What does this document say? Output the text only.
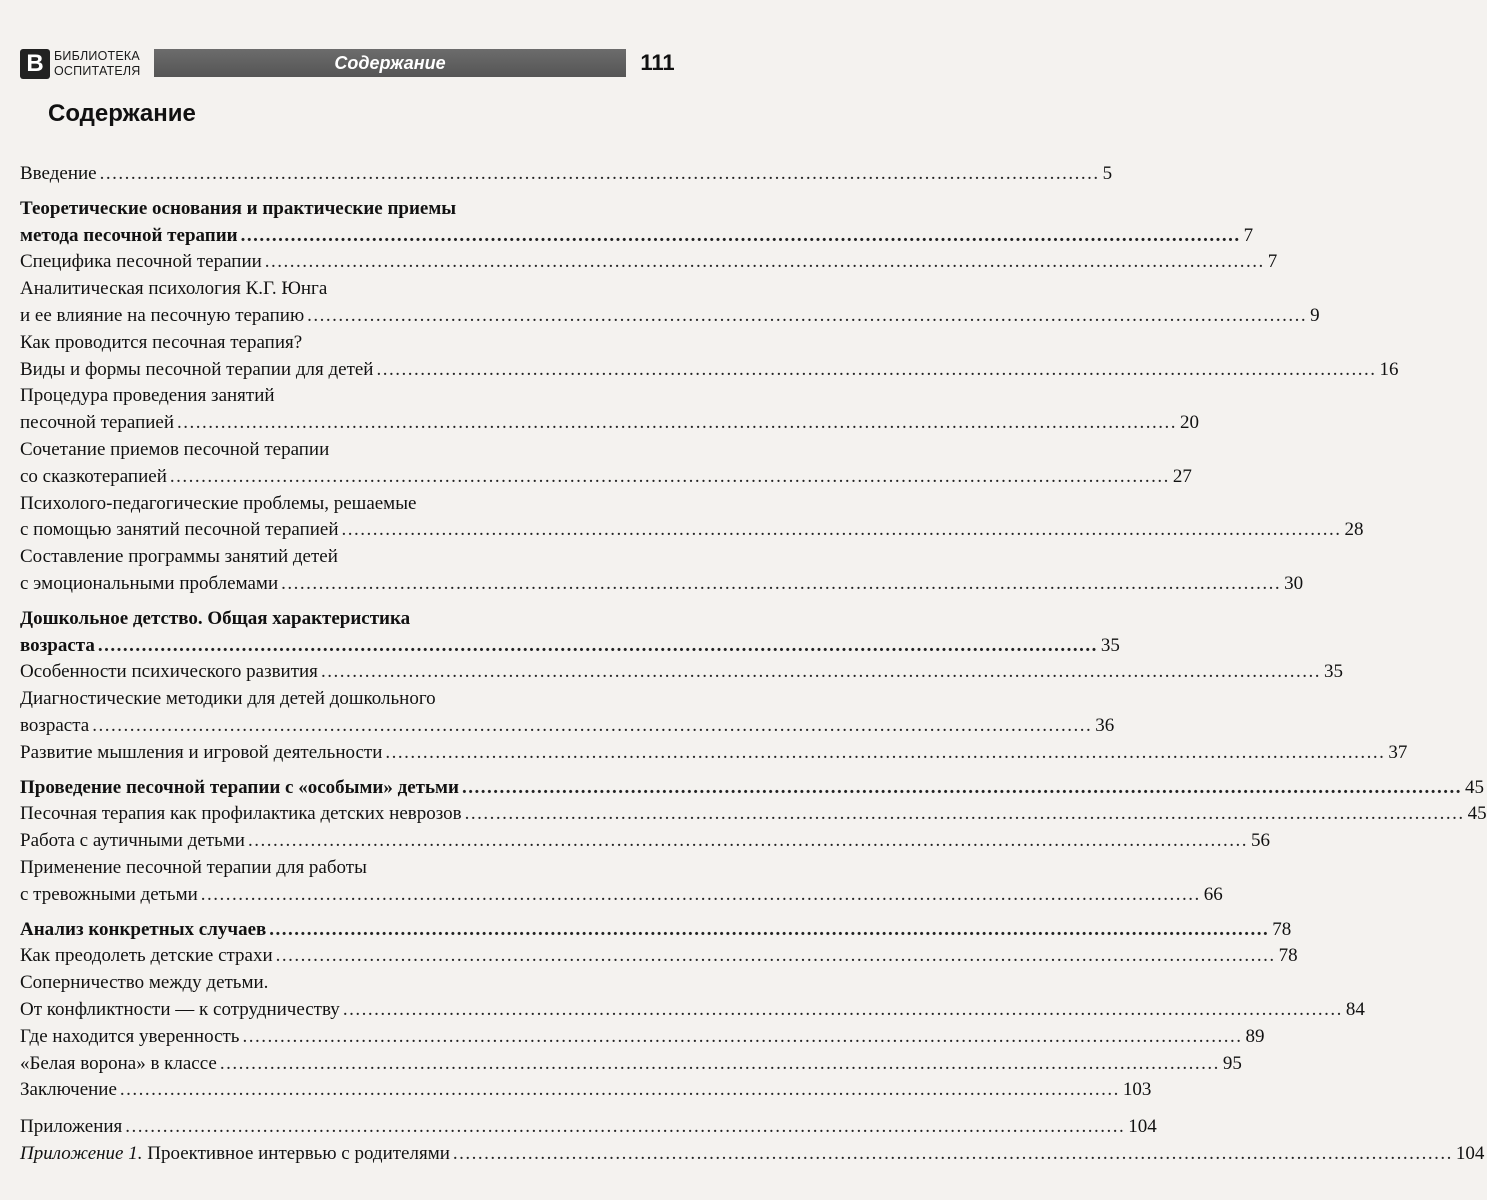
В БИБЛИОТЕКА
ОСПИТАТЕЛЯ	Содержание	111
Содержание
Введение ................................................................................................................................................................ 5
Теоретические основания и практические приемы
метода песочной терапии ................................................................................................................................................................ 7
Специфика песочной терапии ................................................................................................................................................................ 7
Аналитическая психология К.Г. Юнга
и ее влияние на песочную терапию ................................................................................................................................................................ 9
Как проводится песочная терапия?
Виды и формы песочной терапии для детей ................................................................................................................................................................ 16
Процедура проведения занятий
песочной терапией ................................................................................................................................................................ 20
Сочетание приемов песочной терапии
со сказкотерапией ................................................................................................................................................................ 27
Психолого-педагогические проблемы, решаемые
с помощью занятий песочной терапией ................................................................................................................................................................ 28
Составление программы занятий детей
с эмоциональными проблемами ................................................................................................................................................................ 30
Дошкольное детство. Общая характеристика
возраста ................................................................................................................................................................ 35
Особенности психического развития ................................................................................................................................................................ 35
Диагностические методики для детей дошкольного
возраста ................................................................................................................................................................ 36
Развитие мышления и игровой деятельности ................................................................................................................................................................ 37
Проведение песочной терапии с «особыми» детьми ................................................................................................................................................................ 45
Песочная терапия как профилактика детских неврозов ................................................................................................................................................................ 45
Работа с аутичными детьми ................................................................................................................................................................ 56
Применение песочной терапии для работы
с тревожными детьми ................................................................................................................................................................ 66
Анализ конкретных случаев ................................................................................................................................................................ 78
Как преодолеть детские страхи ................................................................................................................................................................ 78
Соперничество между детьми.
От конфликтности — к сотрудничеству ................................................................................................................................................................ 84
Где находится уверенность ................................................................................................................................................................ 89
«Белая ворона» в классе ................................................................................................................................................................ 95
Заключение ................................................................................................................................................................ 103
Приложения ................................................................................................................................................................ 104
Приложение 1. Проективное интервью с родителями ................................................................................................................................................................ 104
